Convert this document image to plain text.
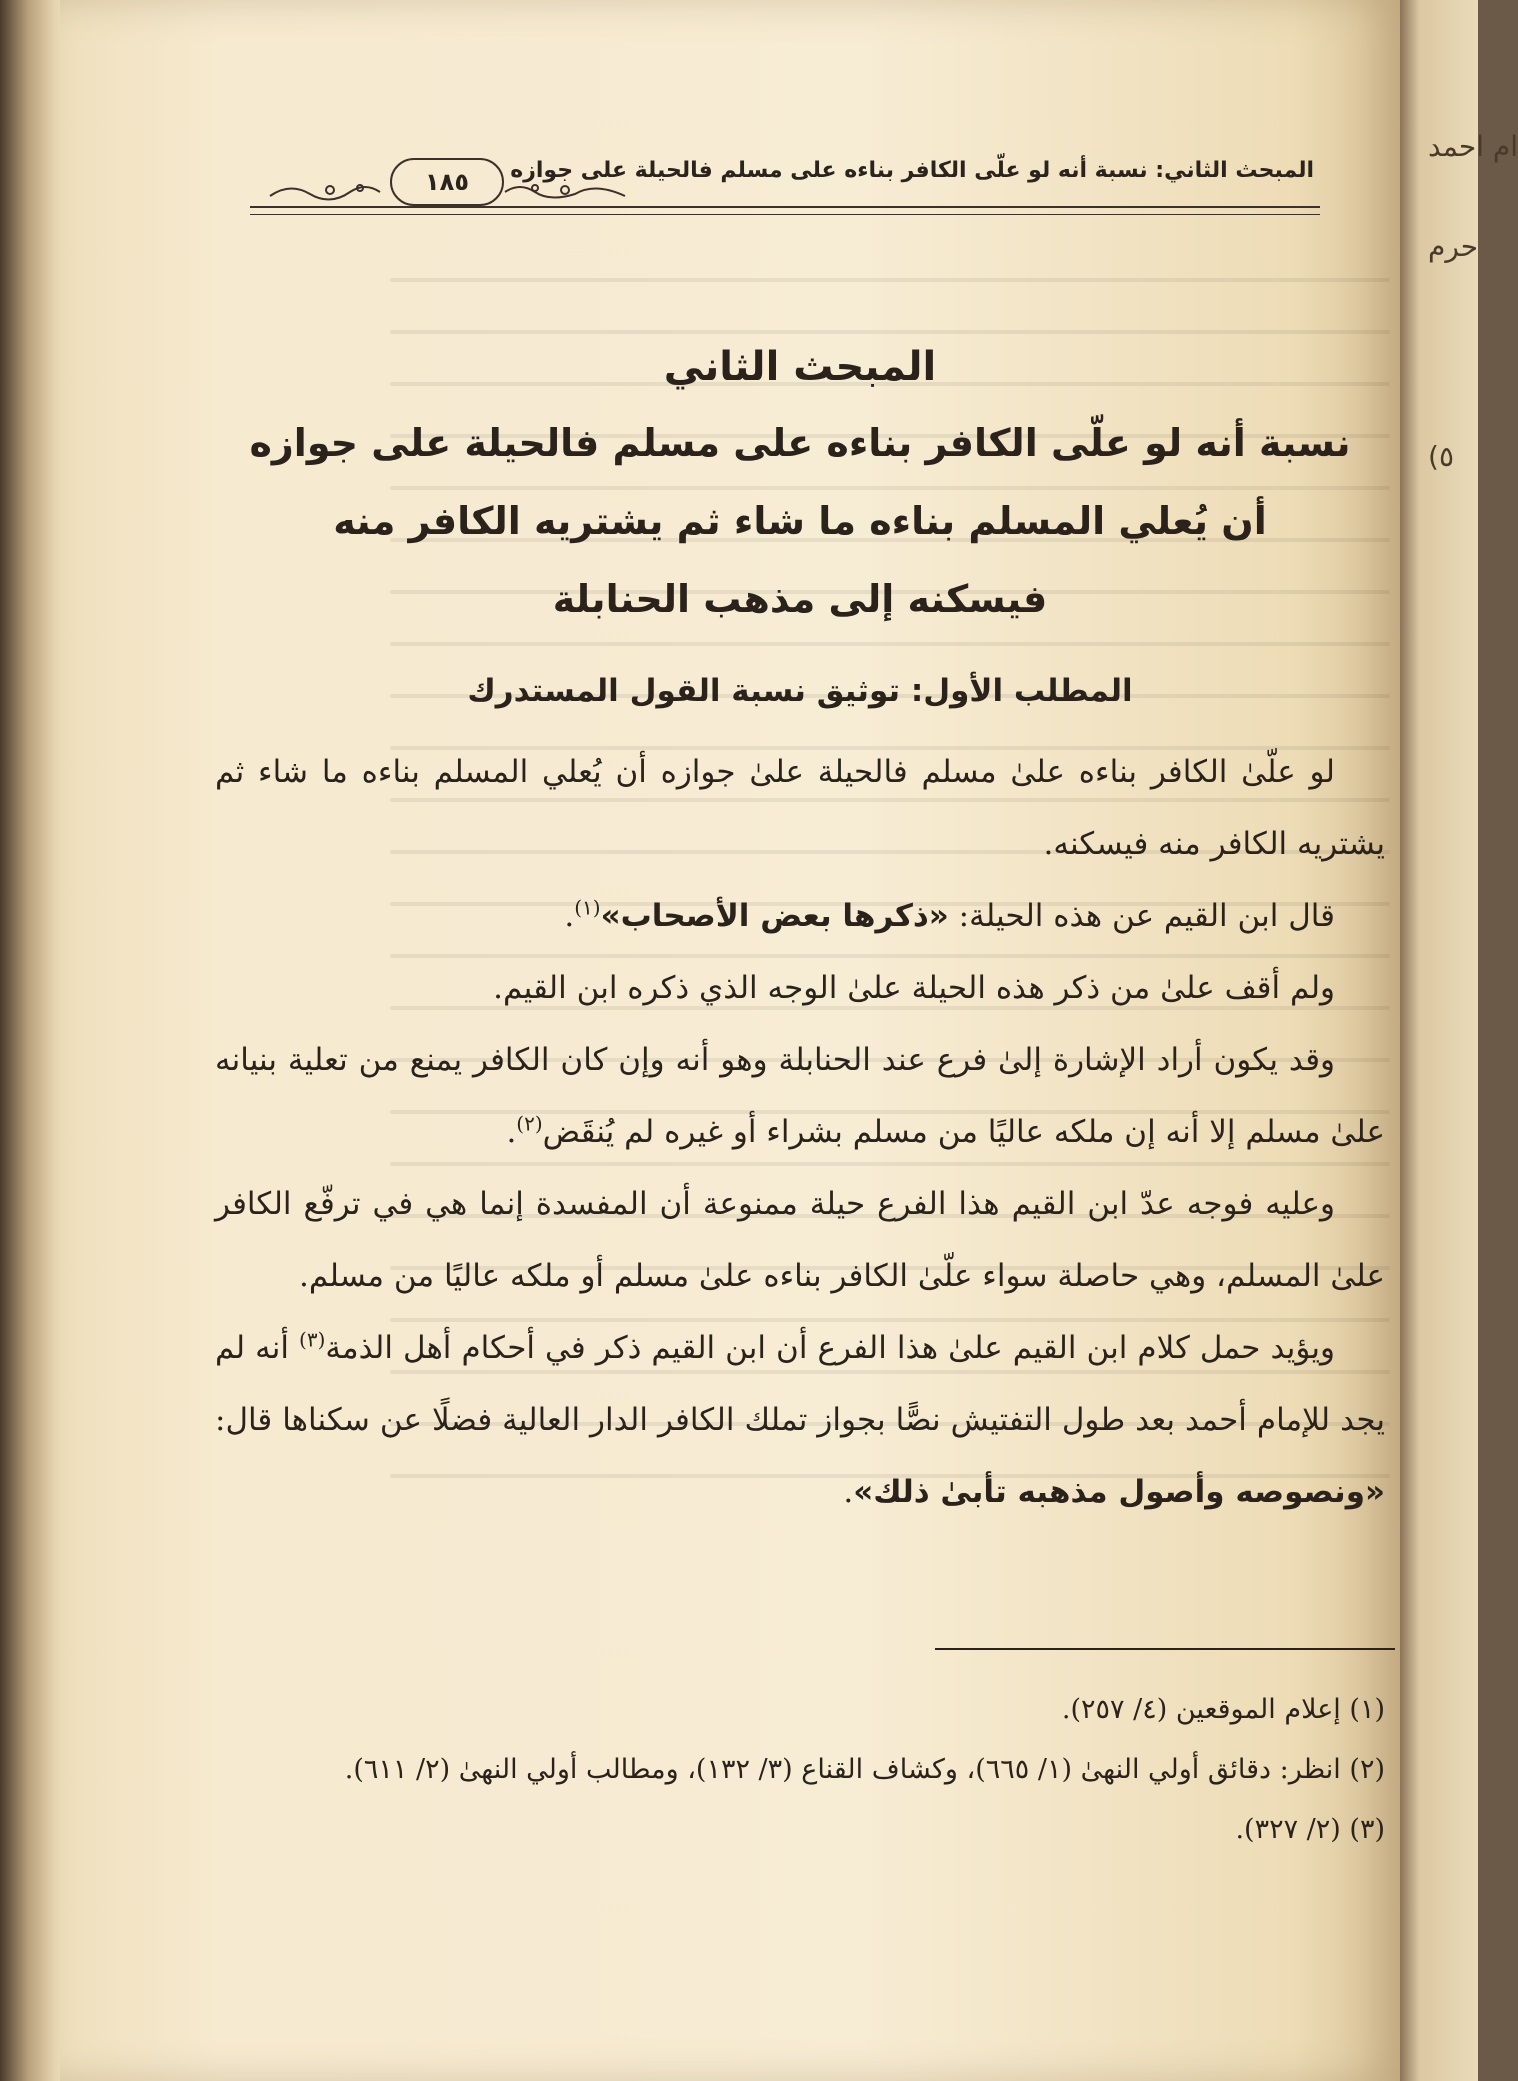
ام احمد
حرم
٥)
المبحث الثاني: نسبة أنه لو علّى الكافر بناءه على مسلم فالحيلة على جوازه
١٨٥
المبحث الثاني
نسبة أنه لو علّى الكافر بناءه على مسلم فالحيلة على جوازه
أن يُعلي المسلم بناءه ما شاء ثم يشتريه الكافر منه
فيسكنه إلى مذهب الحنابلة
المطلب الأول: توثيق نسبة القول المستدرك

لو علّىٰ الكافر بناءه علىٰ مسلم فالحيلة علىٰ جوازه أن يُعلي المسلم بناءه ما شاء ثم يشتريه الكافر منه فيسكنه.

قال ابن القيم عن هذه الحيلة: «ذكرها بعض الأصحاب»$^{(١)}$.

ولم أقف علىٰ من ذكر هذه الحيلة علىٰ الوجه الذي ذكره ابن القيم.

وقد يكون أراد الإشارة إلىٰ فرع عند الحنابلة وهو أنه وإن كان الكافر يمنع من تعلية بنيانه علىٰ مسلم إلا أنه إن ملكه عاليًا من مسلم بشراء أو غيره لم يُنقَض$^{(٢)}$.

وعليه فوجه عدّ ابن القيم هذا الفرع حيلة ممنوعة أن المفسدة إنما هي في ترفّع الكافر علىٰ المسلم، وهي حاصلة سواء علّىٰ الكافر بناءه علىٰ مسلم أو ملكه عاليًا من مسلم.

ويؤيد حمل كلام ابن القيم علىٰ هذا الفرع أن ابن القيم ذكر في أحكام أهل الذمة$^{(٣)}$ أنه لم يجد للإمام أحمد بعد طول التفتيش نصًّا بجواز تملك الكافر الدار العالية فضلًا عن سكناها قال: «ونصوصه وأصول مذهبه تأبىٰ ذلك».

(١) إعلام الموقعين (٤/ ٢٥٧).
(٢) انظر: دقائق أولي النهىٰ (١/ ٦٦٥)، وكشاف القناع (٣/ ١٣٢)، ومطالب أولي النهىٰ (٢/ ٦١١).
(٣) (٢/ ٣٢٧).
